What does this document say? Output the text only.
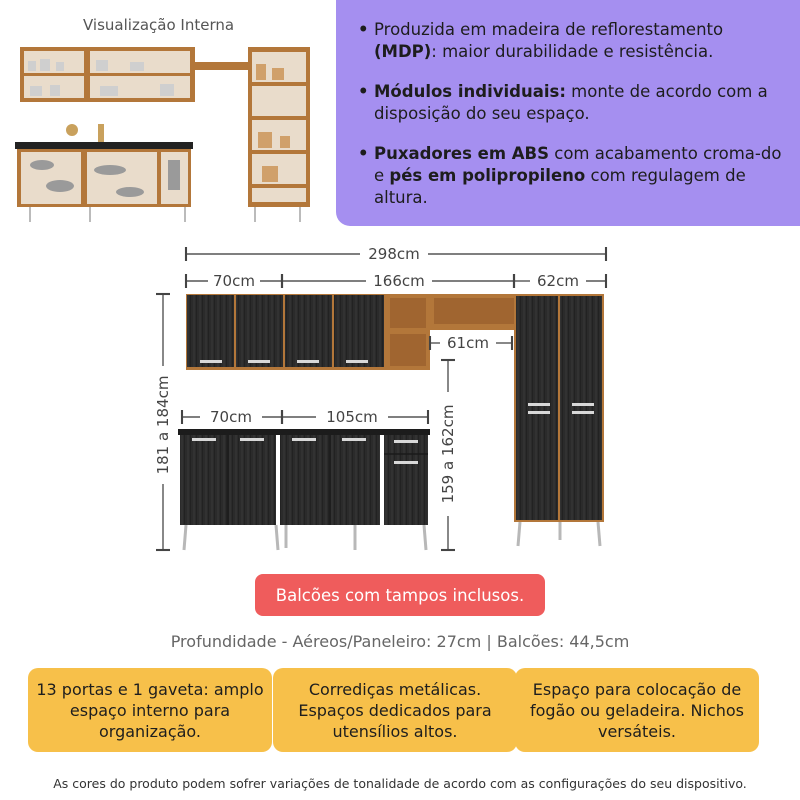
Visualização Interna
298cm
70cm	166cm	62cm
61cm
70cm	105cm
181 a 184cm	159 a 162cm
• Produzida em madeira de reflorestamento (MDP): maior durabilidade e resistência.
• Módulos individuais: monte de acordo com a disposição do seu espaço.
• Puxadores em ABS com acabamento croma-do e pés em polipropileno com regulagem de altura.
Balcões com tampos inclusos.
Profundidade - Aéreos/Paneleiro: 27cm | Balcões: 44,5cm
13 portas e 1 gaveta: amplo espaço interno para organização.
Corrediças metálicas. Espaços dedicados para utensílios altos.
Espaço para colocação de fogão ou geladeira. Nichos versáteis.
As cores do produto podem sofrer variações de tonalidade de acordo com as configurações do seu dispositivo.
